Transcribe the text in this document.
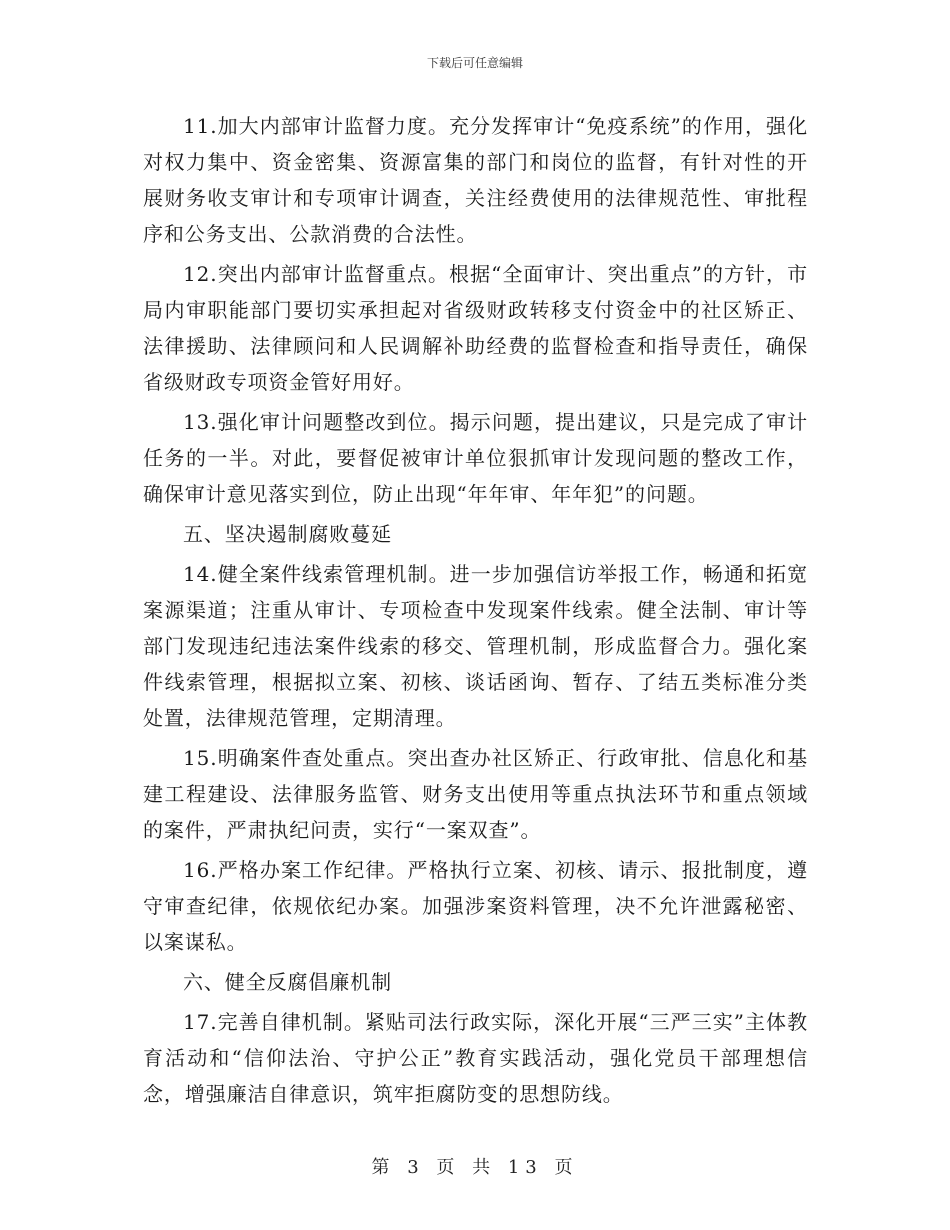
下载后可任意编辑

11.加大内部审计监督力度。充分发挥审计“免疫系统”的作用，强化对权力集中、资金密集、资源富集的部门和岗位的监督，有针对性的开展财务收支审计和专项审计调查，关注经费使用的法律规范性、审批程序和公务支出、公款消费的合法性。

12.突出内部审计监督重点。根据“全面审计、突出重点”的方针，市局内审职能部门要切实承担起对省级财政转移支付资金中的社区矫正、法律援助、法律顾问和人民调解补助经费的监督检查和指导责任，确保省级财政专项资金管好用好。

13.强化审计问题整改到位。揭示问题，提出建议，只是完成了审计任务的一半。对此，要督促被审计单位狠抓审计发现问题的整改工作，确保审计意见落实到位，防止出现“年年审、年年犯”的问题。

五、坚决遏制腐败蔓延

14.健全案件线索管理机制。进一步加强信访举报工作，畅通和拓宽案源渠道；注重从审计、专项检查中发现案件线索。健全法制、审计等部门发现违纪违法案件线索的移交、管理机制，形成监督合力。强化案件线索管理，根据拟立案、初核、谈话函询、暂存、了结五类标准分类处置，法律规范管理，定期清理。

15.明确案件查处重点。突出查办社区矫正、行政审批、信息化和基建工程建设、法律服务监管、财务支出使用等重点执法环节和重点领域的案件，严肃执纪问责，实行“一案双查”。

16.严格办案工作纪律。严格执行立案、初核、请示、报批制度，遵守审查纪律，依规依纪办案。加强涉案资料管理，决不允许泄露秘密、以案谋私。

六、健全反腐倡廉机制

17.完善自律机制。紧贴司法行政实际，深化开展“三严三实”主体教育活动和“信仰法治、守护公正”教育实践活动，强化党员干部理想信念，增强廉洁自律意识，筑牢拒腐防变的思想防线。

第 3 页 共 13 页
